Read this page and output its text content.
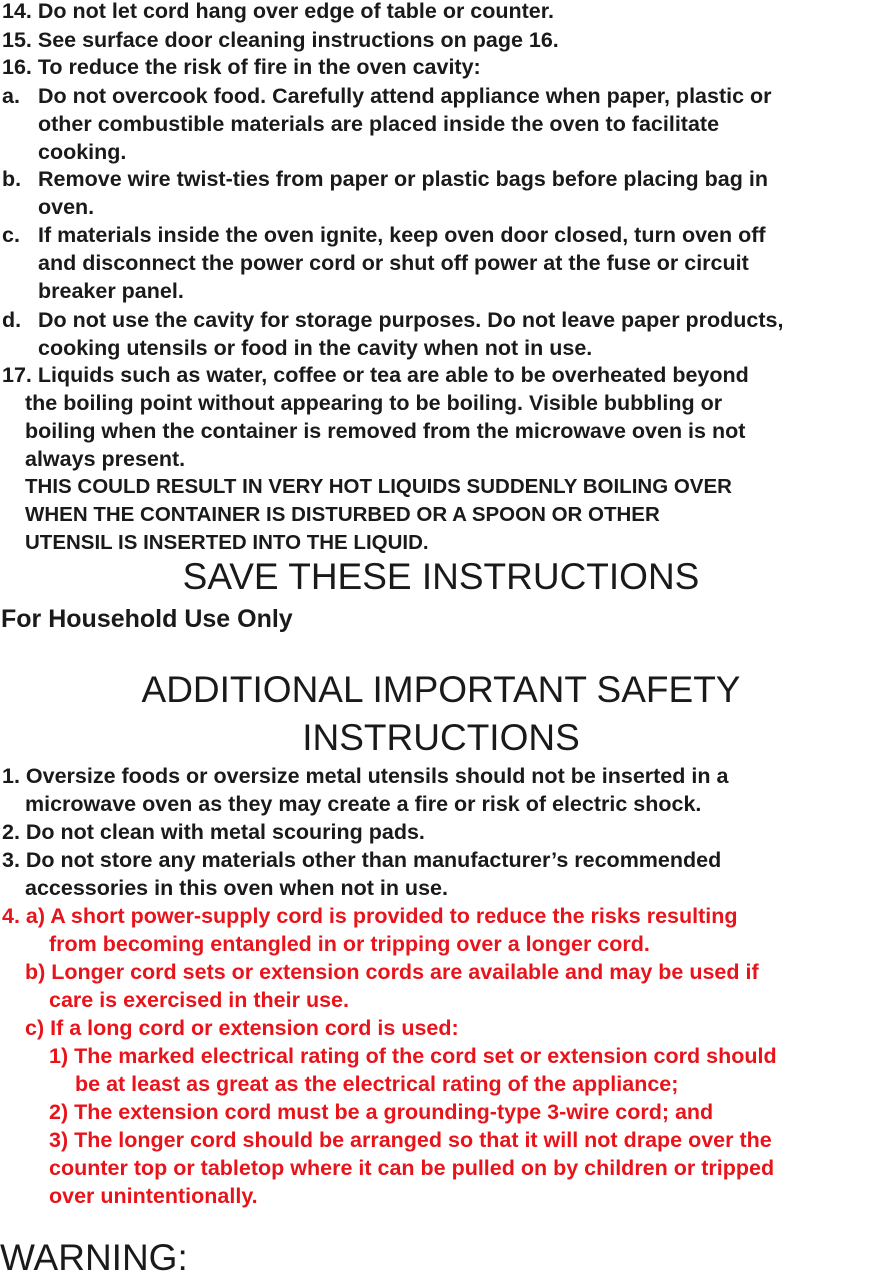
14. Do not let cord hang over edge of table or counter.
15. See surface door cleaning instructions on page 16.
16. To reduce the risk of fire in the oven cavity:
a. Do not overcook food. Carefully attend appliance when paper, plastic or
other combustible materials are placed inside the oven to facilitate
cooking.
b. Remove wire twist-ties from paper or plastic bags before placing bag in
oven.
c. If materials inside the oven ignite, keep oven door closed, turn oven off
and disconnect the power cord or shut off power at the fuse or circuit
breaker panel.
d. Do not use the cavity for storage purposes. Do not leave paper products,
cooking utensils or food in the cavity when not in use.
17. Liquids such as water, coffee or tea are able to be overheated beyond
the boiling point without appearing to be boiling. Visible bubbling or
boiling when the container is removed from the microwave oven is not
always present.
THIS COULD RESULT IN VERY HOT LIQUIDS SUDDENLY BOILING OVER
WHEN THE CONTAINER IS DISTURBED OR A SPOON OR OTHER
UTENSIL IS INSERTED INTO THE LIQUID.
SAVE THESE INSTRUCTIONS
For Household Use Only
ADDITIONAL IMPORTANT SAFETY
INSTRUCTIONS
1. Oversize foods or oversize metal utensils should not be inserted in a
microwave oven as they may create a fire or risk of electric shock.
2. Do not clean with metal scouring pads.
3. Do not store any materials other than manufacturer’s recommended
accessories in this oven when not in use.
4. a) A short power-supply cord is provided to reduce the risks resulting
from becoming entangled in or tripping over a longer cord.
b) Longer cord sets or extension cords are available and may be used if
care is exercised in their use.
c) If a long cord or extension cord is used:
1) The marked electrical rating of the cord set or extension cord should
be at least as great as the electrical rating of the appliance;
2) The extension cord must be a grounding-type 3-wire cord; and
3) The longer cord should be arranged so that it will not drape over the
counter top or tabletop where it can be pulled on by children or tripped
over unintentionally.
WARNING:
